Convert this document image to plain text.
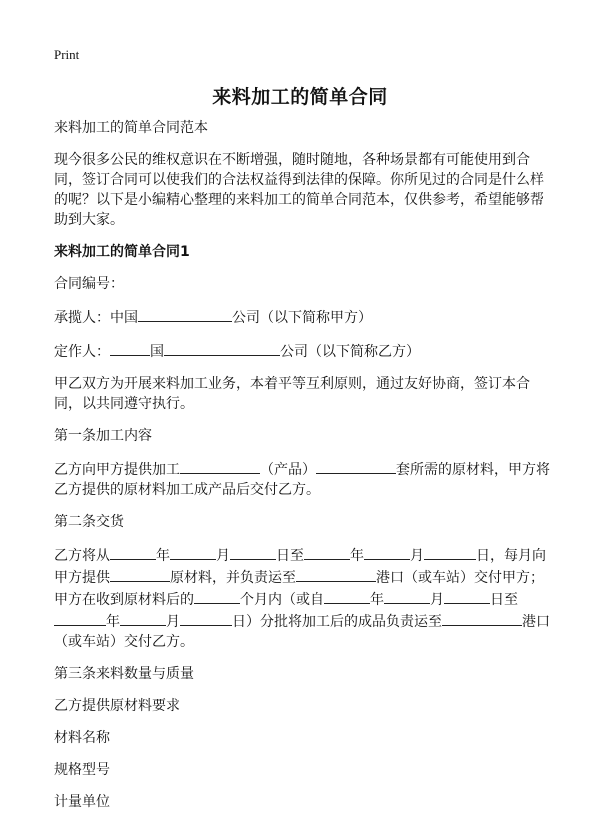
Print
来料加工的简单合同

来料加工的简单合同范本

现今很多公民的维权意识在不断增强，随时随地，各种场景都有可能使用到合同，签订合同可以使我们的合法权益得到法律的保障。你所见过的合同是什么样的呢？以下是小编精心整理的来料加工的简单合同范本，仅供参考，希望能够帮助到大家。

来料加工的简单合同1

合同编号：

承揽人：中国	公司（以下简称甲方）

定作人：	国	公司（以下简称乙方）

甲乙双方为开展来料加工业务，本着平等互利原则，通过友好协商，签订本合同，以共同遵守执行。

第一条加工内容

乙方向甲方提供加工	（产品）	套所需的原材料，甲方将乙方提供的原材料加工成产品后交付乙方。

第二条交货

乙方将从	年	月	日至	年	月	日，每月向甲方提供	原材料，并负责运至	港口（或车站）交付甲方；甲方在收到原材料后的	个月内（或自	年	月	日至年	月	日）分批将加工后的成品负责运至	港口（或车站）交付乙方。

第三条来料数量与质量

乙方提供原材料要求

材料名称

规格型号

计量单位
